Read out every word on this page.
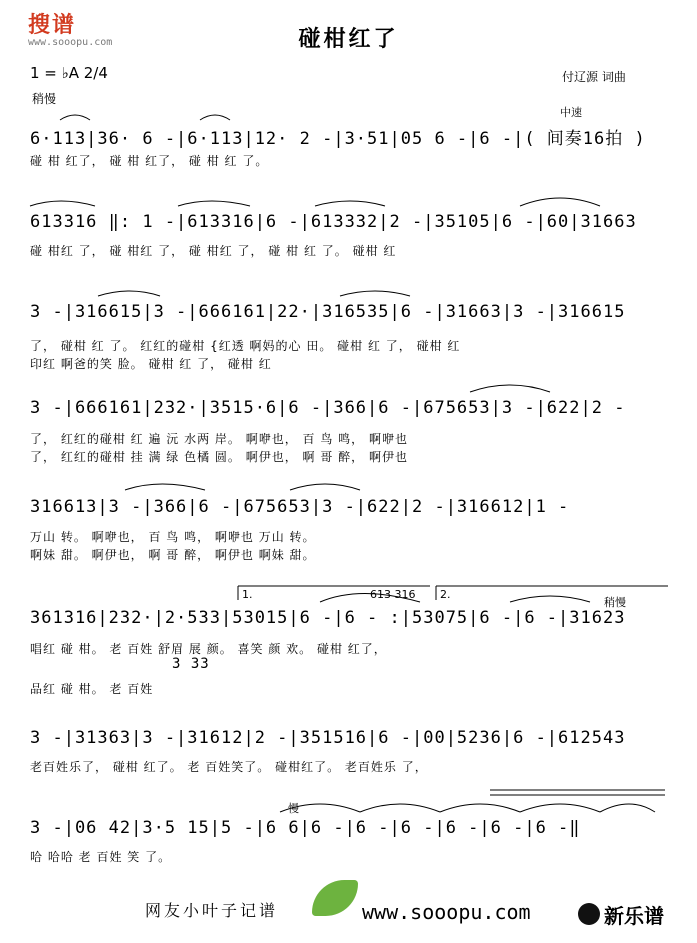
搜谱
www.sooopu.com	碰柑红了
1 = ♭A 2/4
稍慢
付辽源 词曲
6·113|36· 6 -|6·113|12· 2 -|3·51|05 6 -|6 -|( 间奏16拍 )
中速
碰 柑 红了， 碰 柑 红了， 碰 柑 红 了。
613316 ‖: 1 -|613316|6 -|613332|2 -|35105|6 -|60|31663
碰 柑红 了， 碰 柑红 了， 碰 柑红 了， 碰 柑 红 了。 碰柑 红
3 -|316615|3 -|666161|22·|316535|6 -|31663|3 -|316615
了， 碰柑 红 了。 红红的碰柑 {红透 啊妈的心 田。 碰柑 红 了， 碰柑 红
印红 啊爸的笑 脸。 碰柑 红 了， 碰柑 红
3 -|666161|232·|3515·6|6 -|366|6 -|675653|3 -|622|2 -
了， 红红的碰柑 红 遍 沅 水两 岸。 啊咿也， 百 鸟 鸣， 啊咿也
了， 红红的碰柑 挂 满 绿 色橘 圆。 啊伊也， 啊 哥 醉， 啊伊也
316613|3 -|366|6 -|675653|3 -|622|2 -|316612|1 -
万山 转。 啊咿也， 百 鸟 鸣， 啊咿也 万山 转。
啊妹 甜。 啊伊也， 啊 哥 醉， 啊伊也 啊妹 甜。
1.	2.
613 316
稍慢
361316|232·|2·533|53015|6 -|6 - :|53075|6 -|6 -|31623
唱红 碰 柑。 老 百姓 舒眉 展 颜。 喜笑 颜 欢。 碰柑 红了，
3 33
品红 碰 柑。 老 百姓
3 -|31363|3 -|31612|2 -|351516|6 -|00|5236|6 -|612543
老百姓乐了， 碰柑 红了。 老 百姓笑了。 碰柑红了。 老百姓乐 了，
慢
3 -|06 42|3·5 15|5 -|6 6|6 -|6 -|6 -|6 -|6 -|6 -‖
哈 哈哈 老 百姓 笑 了。
网友小叶子记谱	www.sooopu.com	新乐谱
